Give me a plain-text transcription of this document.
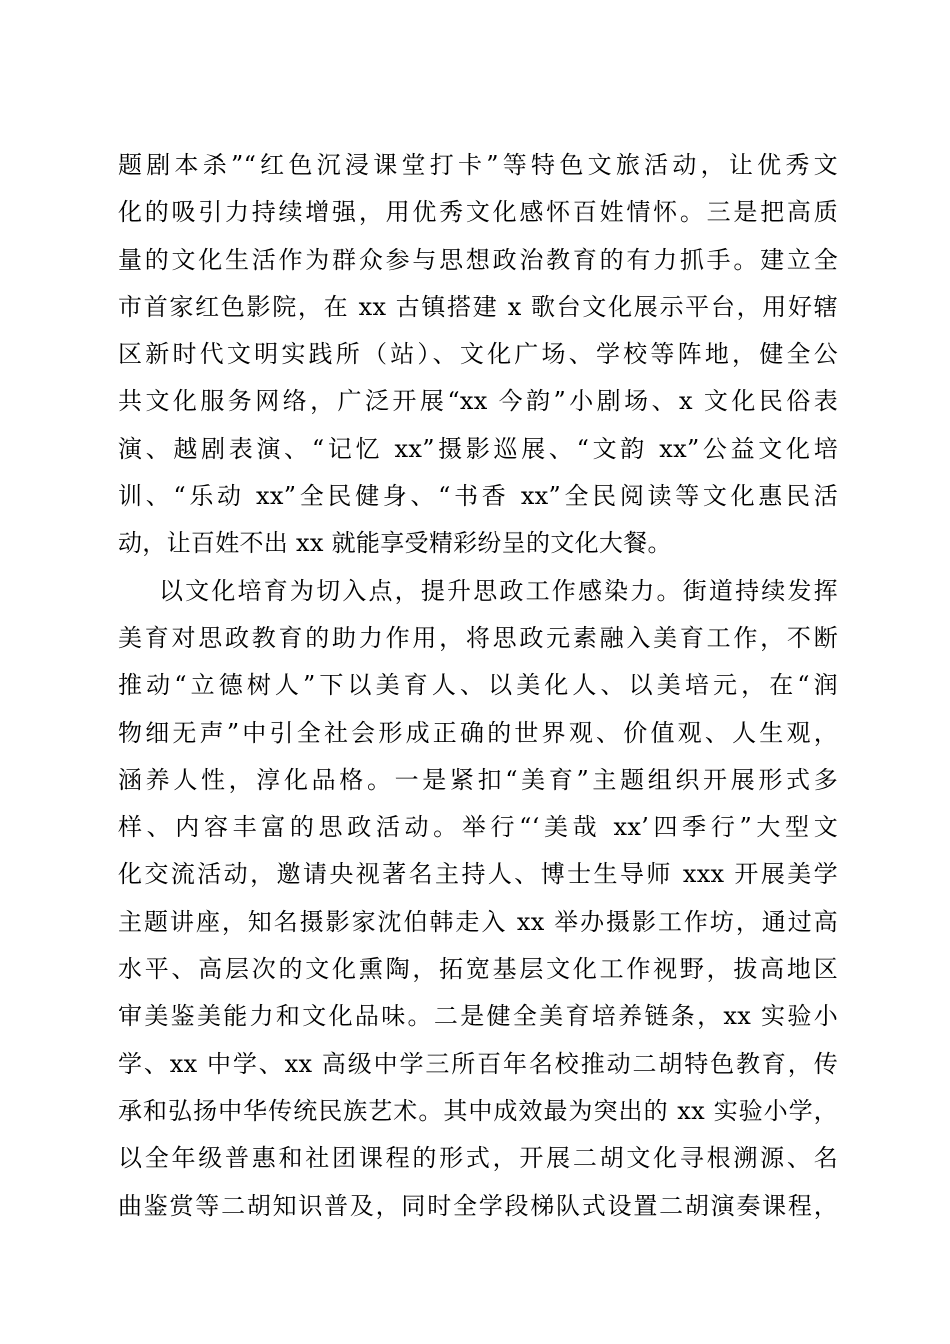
题剧本杀”“红色沉浸课堂打卡”等特色文旅活动，让优秀文
化的吸引力持续增强，用优秀文化感怀百姓情怀。三是把高质
量的文化生活作为群众参与思想政治教育的有力抓手。建立全
市首家红色影院，在 xx 古镇搭建 x 歌台文化展示平台，用好辖
区新时代文明实践所（站）、文化广场、学校等阵地，健全公
共文化服务网络，广泛开展“xx 今韵”小剧场、x 文化民俗表
演、越剧表演、“记忆 xx”摄影巡展、“文韵 xx”公益文化培
训、“乐动 xx”全民健身、“书香 xx”全民阅读等文化惠民活
动，让百姓不出 xx 就能享受精彩纷呈的文化大餐。
以文化培育为切入点，提升思政工作感染力。街道持续发挥
美育对思政教育的助力作用，将思政元素融入美育工作，不断
推动“立德树人”下以美育人、以美化人、以美培元，在“润
物细无声”中引全社会形成正确的世界观、价值观、人生观，
涵养人性，淳化品格。一是紧扣“美育”主题组织开展形式多
样、内容丰富的思政活动。举行“‘美哉 xx’四季行”大型文
化交流活动，邀请央视著名主持人、博士生导师 xxx 开展美学
主题讲座，知名摄影家沈伯韩走入 xx 举办摄影工作坊，通过高
水平、高层次的文化熏陶，拓宽基层文化工作视野，拔高地区
审美鉴美能力和文化品味。二是健全美育培养链条，xx 实验小
学、xx 中学、xx 高级中学三所百年名校推动二胡特色教育，传
承和弘扬中华传统民族艺术。其中成效最为突出的 xx 实验小学，
以全年级普惠和社团课程的形式，开展二胡文化寻根溯源、名
曲鉴赏等二胡知识普及，同时全学段梯队式设置二胡演奏课程，
